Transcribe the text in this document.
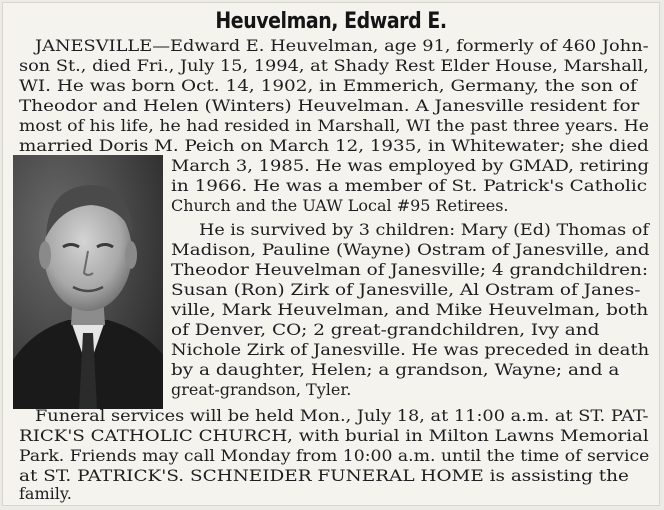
Heuvelman, Edward E.
JANESVILLE—Edward E. Heuvelman, age 91, formerly of 460 John-
son St., died Fri., July 15, 1994, at Shady Rest Elder House, Marshall,
WI. He was born Oct. 14, 1902, in Emmerich, Germany, the son of
Theodor and Helen (Winters) Heuvelman. A Janesville resident for
most of his life, he had resided in Marshall, WI the past three years. He
married Doris M. Peich on March 12, 1935, in Whitewater; she died
March 3, 1985. He was employed by GMAD, retiring
in 1966. He was a member of St. Patrick's Catholic
Church and the UAW Local #95 Retirees.
He is survived by 3 children: Mary (Ed) Thomas of
Madison, Pauline (Wayne) Ostram of Janesville, and
Theodor Heuvelman of Janesville; 4 grandchildren:
Susan (Ron) Zirk of Janesville, Al Ostram of Janes-
ville, Mark Heuvelman, and Mike Heuvelman, both
of Denver, CO; 2 great-grandchildren, Ivy and
Nichole Zirk of Janesville. He was preceded in death
by a daughter, Helen; a grandson, Wayne; and a
great-grandson, Tyler.
Funeral services will be held Mon., July 18, at 11:00 a.m. at ST. PAT-
RICK'S CATHOLIC CHURCH, with burial in Milton Lawns Memorial
Park. Friends may call Monday from 10:00 a.m. until the time of service
at ST. PATRICK'S. SCHNEIDER FUNERAL HOME is assisting the
family.
